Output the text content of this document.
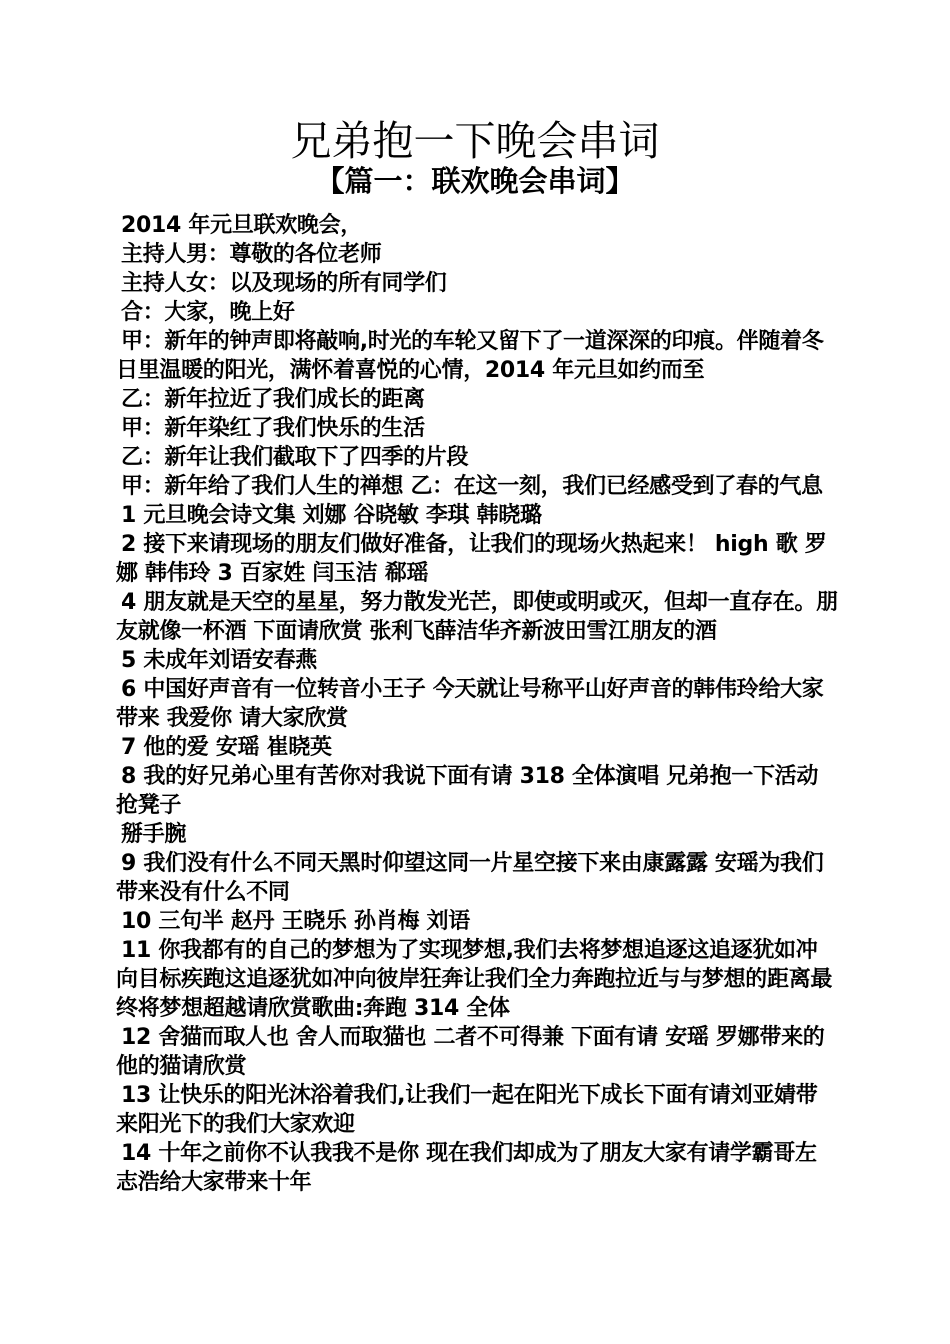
兄弟抱一下晚会串词
【篇一：联欢晚会串词】

2014 年元旦联欢晚会，

主持人男：尊敬的各位老师

主持人女：以及现场的所有同学们

合：大家，晚上好

甲：新年的钟声即将敲响,时光的车轮又留下了一道深深的印痕。伴随着冬日里温暖的阳光，满怀着喜悦的心情，2014 年元旦如约而至

乙：新年拉近了我们成长的距离

甲：新年染红了我们快乐的生活

乙：新年让我们截取下了四季的片段

甲：新年给了我们人生的禅想 乙：在这一刻，我们已经感受到了春的气息

1 元旦晚会诗文集 刘娜 谷晓敏 李琪 韩晓璐

2 接下来请现场的朋友们做好准备，让我们的现场火热起来！ high 歌 罗娜 韩伟玲 3 百家姓 闫玉洁 郗瑶

4 朋友就是天空的星星，努力散发光芒，即使或明或灭，但却一直存在。朋友就像一杯酒 下面请欣赏 张利飞薛洁华齐新波田雪江朋友的酒

5 未成年刘语安春燕

6 中国好声音有一位转音小王子 今天就让号称平山好声音的韩伟玲给大家带来 我爱你 请大家欣赏

7 他的爱 安瑶 崔晓英

8 我的好兄弟心里有苦你对我说下面有请 318 全体演唱 兄弟抱一下活动 抢凳子

掰手腕

9 我们没有什么不同天黑时仰望这同一片星空接下来由康露露 安瑶为我们带来没有什么不同

10 三句半 赵丹 王晓乐 孙肖梅 刘语

11 你我都有的自己的梦想为了实现梦想,我们去将梦想追逐这追逐犹如冲向目标疾跑这追逐犹如冲向彼岸狂奔让我们全力奔跑拉近与与梦想的距离最终将梦想超越请欣赏歌曲:奔跑 314 全体

12 舍猫而取人也 舍人而取猫也 二者不可得兼 下面有请 安瑶 罗娜带来的 他的猫请欣赏

13 让快乐的阳光沐浴着我们,让我们一起在阳光下成长下面有请刘亚婧带来阳光下的我们大家欢迎

14 十年之前你不认我我不是你 现在我们却成为了朋友大家有请学霸哥左志浩给大家带来十年
